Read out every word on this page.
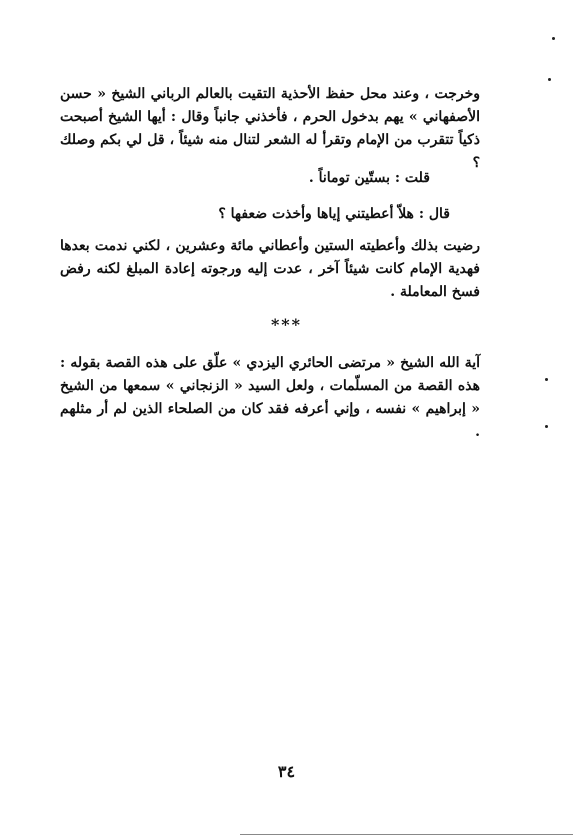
وخرجت ، وعند محل حفظ الأحذية التقيت بالعالم الرباني الشيخ « حسن الأصفهاني » يهم بدخول الحرم ، فأخذني جانباً وقال : أيها الشيخ أصبحت ذكياً تتقرب من الإمام وتقرأ له الشعر لتنال منه شيئاً ، قل لي بكم وصلك ؟

قلت : بستّين توماناً .

قال : هلاّ أعطيتني إياها وأخذت ضعفها ؟

رضيت بذلك وأعطيته الستين وأعطاني مائة وعشرين ، لكني ندمت بعدها فهدية الإمام كانت شيئاً آخر ، عدت إليه ورجوته إعادة المبلغ لكنه رفض فسخ المعاملة .

***

آية الله الشيخ « مرتضى الحائري اليزدي » علّق على هذه القصة بقوله : هذه القصة من المسلّمات ، ولعل السيد « الزنجاني » سمعها من الشيخ « إبراهيم » نفسه ، وإني أعرفه فقد كان من الصلحاء الذين لم أر مثلهم .

٣٤
